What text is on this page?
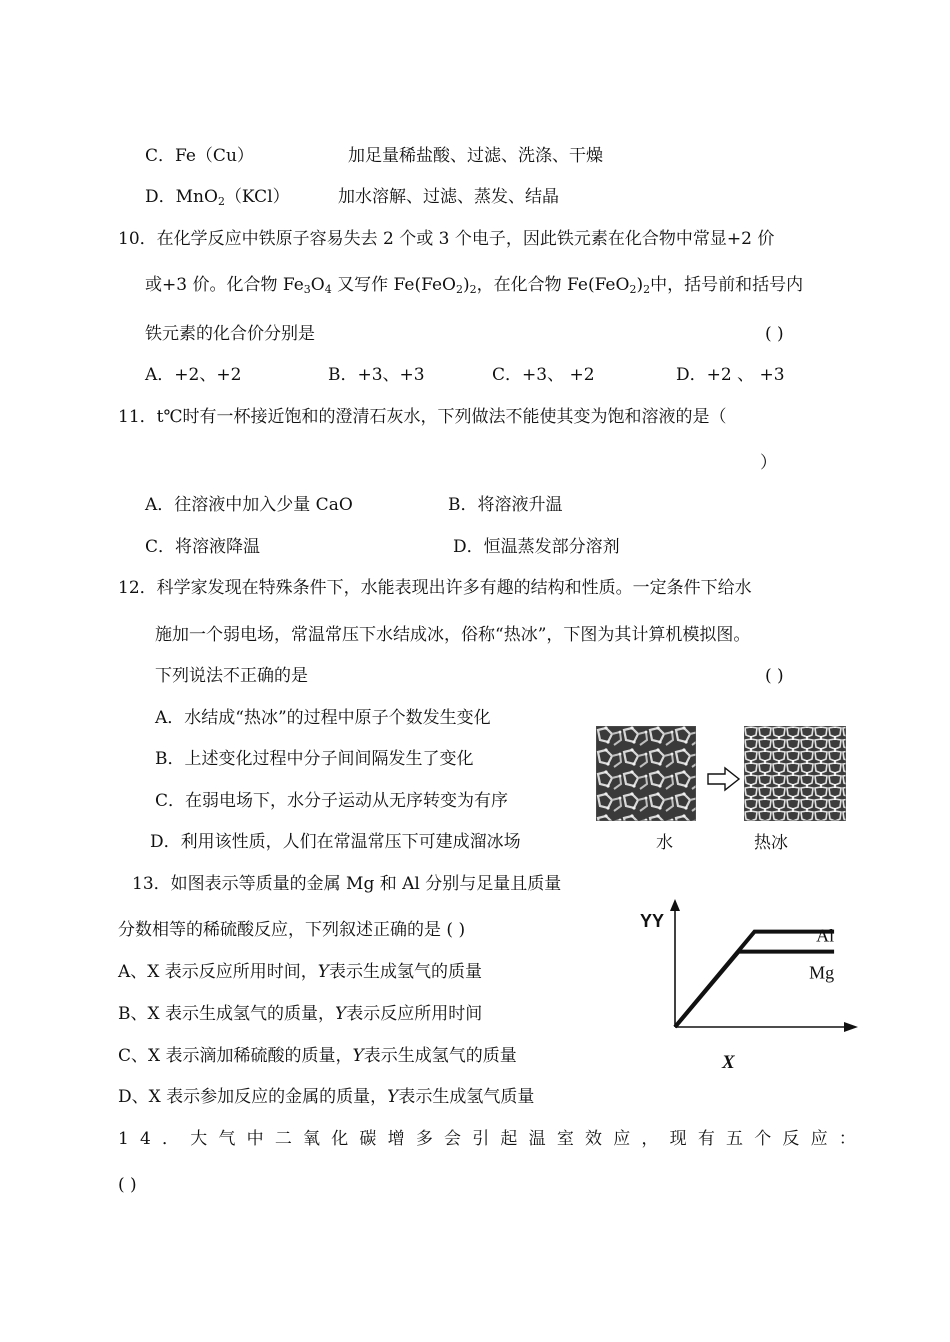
C．Fe（Cu）	加足量稀盐酸、过滤、洗涤、干燥
D．MnO$_2$（KCl）	加水溶解、过滤、蒸发、结晶
10．在化学反应中铁原子容易失去 2 个或 3 个电子，因此铁元素在化合物中常显+2 价
或+3 价。化合物 $Fe_3O_4$ 又写作 $Fe(FeO_2)_2$，在化合物 $Fe(FeO_2)_2$中，括号前和括号内
铁元素的化合价分别是	( )
A．+2、+2	B．+3、+3	C．+3、 +2	D．+2 、 +3
11．t℃时有一杯接近饱和的澄清石灰水，下列做法不能使其变为饱和溶液的是（
）
A．往溶液中加入少量 CaO	B．将溶液升温
C．将溶液降温	D．恒温蒸发部分溶剂
12．科学家发现在特殊条件下，水能表现出许多有趣的结构和性质。一定条件下给水
施加一个弱电场，常温常压下水结成冰，俗称“热冰”，下图为其计算机模拟图。
下列说法不正确的是	( )
A．水结成“热冰”的过程中原子个数发生变化
B．上述变化过程中分子间间隔发生了变化
C．在弱电场下，水分子运动从无序转变为有序
D．利用该性质，人们在常温常压下可建成溜冰场	水	热冰
13．如图表示等质量的金属 Mg 和 Al 分别与足量且质量
分数相等的稀硫酸反应，下列叙述正确的是 ( )
A、X 表示反应所用时间，Y表示生成氢气的质量
B、X 表示生成氢气的质量，Y表示反应所用时间
C、X 表示滴加稀硫酸的质量，Y表示生成氢气的质量
D、X 表示参加反应的金属的质量，Y表示生成氢气质量
YY
X
Al
Mg
14．大气中二氧化碳增多会引起温室效应，现有五个反应：
( )
